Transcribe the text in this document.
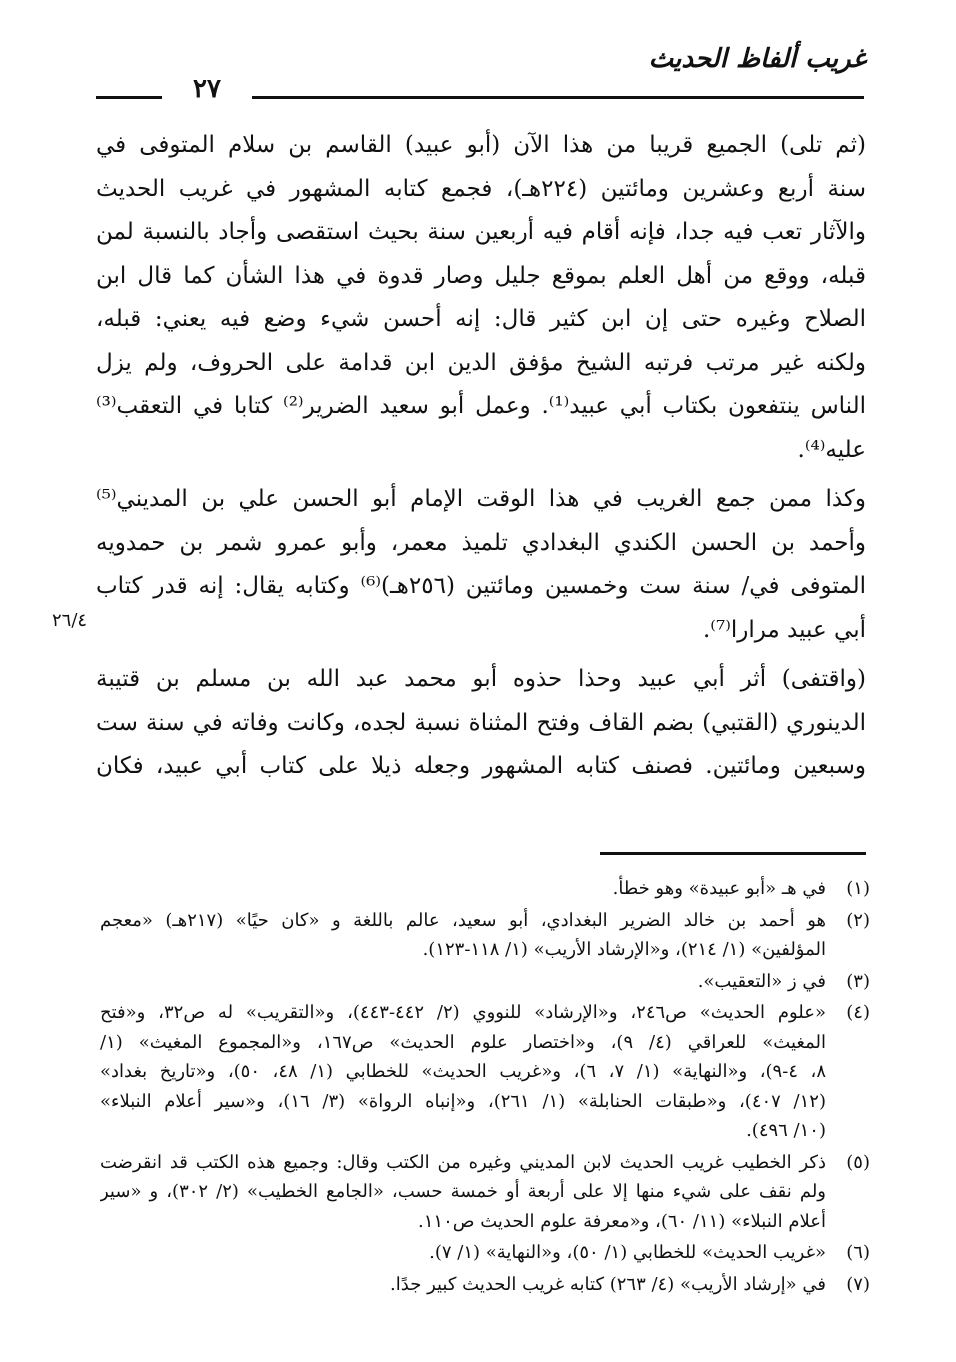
غريب ألفاظ الحديث
٢٧
(ثم تلى) الجميع قريبا من هذا الآن (أبو عبيد) القاسم بن سلام المتوفى في
سنة أربع وعشرين ومائتين (٢٢٤هـ)، فجمع كتابه المشهور في غريب الحديث
والآثار تعب فيه جدا، فإنه أقام فيه أربعين سنة بحيث استقصى وأجاد بالنسبة لمن
قبله، ووقع من أهل العلم بموقع جليل وصار قدوة في هذا الشأن كما قال ابن
الصلاح وغيره حتى إن ابن كثير قال: إنه أحسن شيء وضع فيه يعني: قبله،
ولكنه غير مرتب فرتبه الشيخ مؤفق الدين ابن قدامة على الحروف، ولم يزل
الناس ينتفعون بكتاب أبي عبيد⁽¹⁾. وعمل أبو سعيد الضرير⁽²⁾ كتابا في التعقب⁽³⁾
عليه⁽⁴⁾.
وكذا ممن جمع الغريب في هذا الوقت الإمام أبو الحسن علي بن المديني⁽⁵⁾
وأحمد بن الحسن الكندي البغدادي تلميذ معمر، وأبو عمرو شمر بن حمدويه
المتوفى في/ سنة ست وخمسين ومائتين (٢٥٦هـ)⁽⁶⁾ وكتابه يقال: إنه قدر كتاب
أبي عبيد مرارا⁽⁷⁾.
(واقتفى) أثر أبي عبيد وحذا حذوه أبو محمد عبد الله بن مسلم بن قتيبة
الدينوري (القتبي) بضم القاف وفتح المثناة نسبة لجده، وكانت وفاته في سنة ست
وسبعين ومائتين. فصنف كتابه المشهور وجعله ذيلا على كتاب أبي عبيد، فكان
٢٦/٤
(١)
في هـ «أبو عبيدة» وهو خطأ.
(٢)
هو أحمد بن خالد الضرير البغدادي، أبو سعيد، عالم باللغة و «كان حيًا» (٢١٧هـ) «معجم
المؤلفين» (١/ ٢١٤)، و«الإرشاد الأريب» (١/ ١١٨-١٢٣).
(٣)
في ز «التعقيب».
(٤)
«علوم الحديث» ص٢٤٦، و«الإرشاد» للنووي (٢/ ٤٤٢-٤٤٣)، و«التقريب» له ص٣٢، و«فتح
المغيث» للعراقي (٤/ ٩)، و«اختصار علوم الحديث» ص١٦٧، و«المجموع المغيث» (١/
٨، ٤-٩)، و«النهاية» (١/ ٧، ٦)، و«غريب الحديث» للخطابي (١/ ٤٨، ٥٠)، و«تاريخ بغداد»
(١٢/ ٤٠٧)، و«طبقات الحنابلة» (١/ ٢٦١)، و«إنباه الرواة» (٣/ ١٦)، و«سير أعلام النبلاء»
(١٠/ ٤٩٦).
(٥)
ذكر الخطيب غريب الحديث لابن المديني وغيره من الكتب وقال: وجميع هذه الكتب قد انقرضت
ولم نقف على شيء منها إلا على أربعة أو خمسة حسب، «الجامع الخطيب» (٢/ ٣٠٢)، و «سير
أعلام النبلاء» (١١/ ٦٠)، و«معرفة علوم الحديث ص١١٠.
(٦)
«غريب الحديث» للخطابي (١/ ٥٠)، و«النهاية» (١/ ٧).
(٧)
في «إرشاد الأريب» (٤/ ٢٦٣) كتابه غريب الحديث كبير جدًا.
